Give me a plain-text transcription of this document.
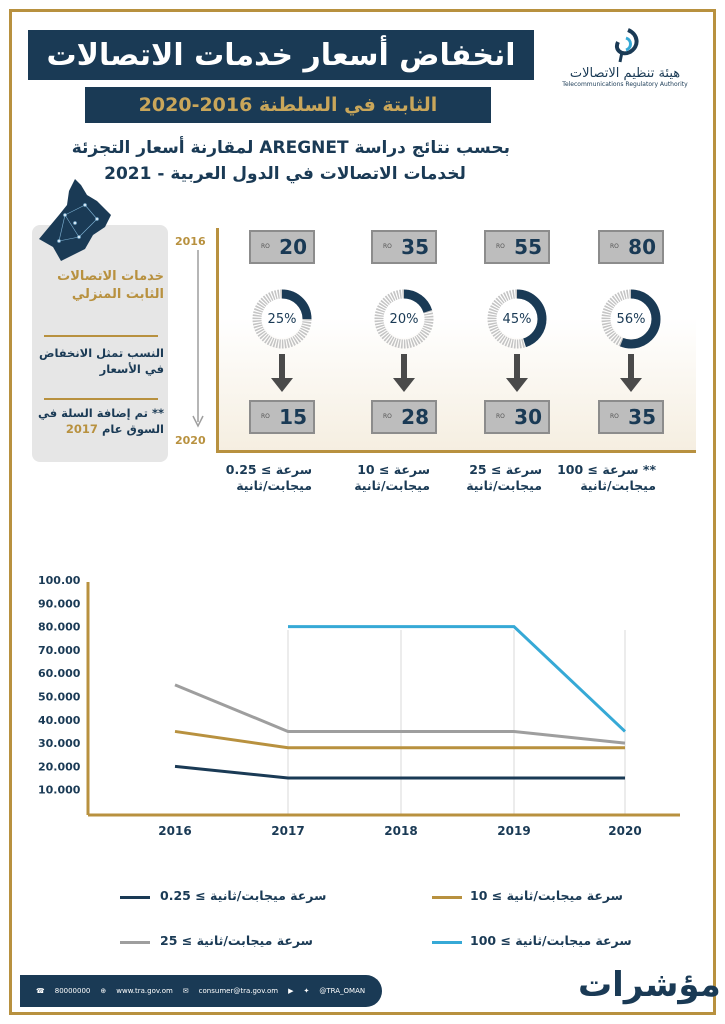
انخفاض أسعار خدمات الاتصالات
الثابتة في السلطنة 2016-2020
هيئة تنظيم الاتصالات
Telecommunications Regulatory Authority
بحسب نتائج دراسة AREGNET لمقارنة أسعار التجزئة
لخدمات الاتصالات في الدول العربية - 2021
خدمات الاتصالات الثابت المنزلي
النسب تمثل الانخفاض في الأسعار
** تم إضافة السلة في السوق عام 2017
2016
2020
RO 80
56%
RO 35
** سرعة ≥ 100 ميجابت/ثانية
RO 55
45%
RO 30
سرعة ≥ 25 ميجابت/ثانية
RO 35
20%
RO 28
سرعة ≥ 10 ميجابت/ثانية
RO 20
25%
RO 15
سرعة ≥ 0.25 ميجابت/ثانية
10.000
20.000
30.000
40.000
50.000
60.000
70.000
80.000
90.000
100.00
2016	2017	2018	2019	2020
سرعة ميجابت/ثانية ≥ 0.25	سرعة ميجابت/ثانية ≥ 10
سرعة ميجابت/ثانية ≥ 25	سرعة ميجابت/ثانية ≥ 100
☎ 80000000 ⊕ www.tra.gov.om ✉ consumer@tra.gov.om ▶ ✦ @TRA_OMAN	مؤشرات
